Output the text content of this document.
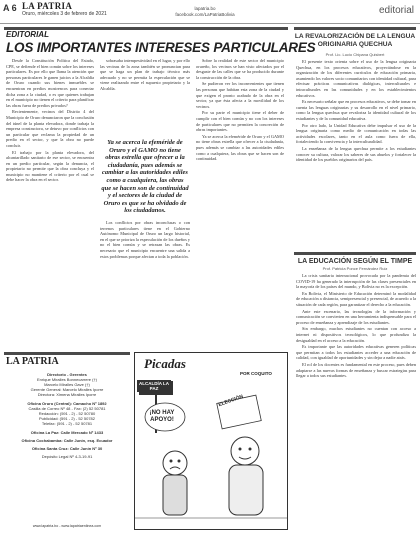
A 6 LA PATRIA
Oruro, miércoles 3 de febrero de 2021
lapatria.bo
facebook.com/LaPatriaBolivia	editorial
EDITORIAL
LOS IMPORTANTES INTERESES PARTICULARES

Desde la Constitución Política del Estado, CPE, se defiende el bien común sobre los intereses particulares. Es por ello que llama la atención que personas particulares le ganen juicios a la Alcaldía de Oruro cuando sus bienes inmuebles se encuentran en predios mostrencos para conectar dicha zona a la ciudad, o es que quienes trabajan en el municipio no tienen el criterio para planificar las obras fuera de predios privados?

Recientemente, vecinos del Distrito 4 del Municipio de Oruro denunciaron que la conclusión del túnel de la planta elevadora, donde trabaja la empresa constructora, se detuvo por conflictos con un particular que reclama la propiedad de un predio en el sector, y que la obra no puede concluir.

El trabajo por la planta elevadora, del alcantarillado sanitario de ese sector, se encuentra en un predio particular, según la denuncia, el propietario no permite que la obra concluya y el municipio no mantiene el criterio por el cual se debe hacer la obra en el sector.

sobrasaba intempestividad en el lugar, y por ello las vecinas de la zona también se pronuncian para que se haga un plan de trabajo técnico más adecuado y no se permita la especulación que se viene realizando entre el supuesto propietario y la Alcaldía.

Ya se acerca la efeméride de Oruro y el GAMO no tiene obras estrella que ofrecer a la ciudadanía, pues además se cambiar a las autoridades ediles como a cualquiera, las obras que se hacen son de continuidad y el sectores de la ciudad de Oruro es que se ha olvidado de los ciudadanos.

Los conflictos por obras inconclusas o con terrenos particulares tiene en el Gobierno Autónomo Municipal de Oruro un largo historial, en el que se prioriza la especulación de los dueños y no el bien común y se retrasan las obras. Es necesario que el municipio encuentre una salida a estos problemas porque afectan a toda la población.

Sobre la realidad de este sector del municipio orureño, los vecinos se han visto afectados por el desgaste de las calles que se ha producido durante la construcción de la obra.

Se pudieron ver los inconvenientes que tienen las personas que habitan esta zona de la ciudad y que exigen el pronto acabado de la obra en el sector, ya que ésta afecta a la movilidad de los vecinos.

Por su parte el municipio tiene el deber de cumplir con el bien común y no con los intereses de particulares que no permiten la concreción de obras importantes.

Ya se acerca la efeméride de Oruro y el GAMO no tiene obras estrella que ofrecer a la ciudadanía, pues además se cambiar a las autoridades ediles como a cualquiera, las obras que se hacen son de continuidad.

LA REVALORIZACIÓN DE LA LENGUA ORIGINARIA QUECHUA
Prof. Lic. Lucio Chipana Quisbert

El presente texto orienta sobre el uso de la lengua originaria Quechua, en los procesos educativos, proyectándose en la organización de los diferentes currículos de educación primaria, asumiendo los valores socio comunitarios con identidad cultural, para efectuar prácticas comunicativas dialógicas, interculturales e intraculturales en las comunidades y en los establecimientos educativos.

Es necesario señalar que en procesos educativos, se debe tomar en cuenta las lenguas originarias y su desarrollo en el nivel primario, como la lengua quechua que revaloriza la identidad cultural de los estudiantes y de la comunidad educativa.

Por otro lado, la Unidad Educativa debe impulsar el uso de la lengua originaria como medio de comunicación en todas las actividades escolares, tanto en el aula como fuera de ella, fortaleciendo la convivencia y la interculturalidad.

La enseñanza de la lengua quechua permite a los estudiantes conocer su cultura, valorar los saberes de sus abuelos y fortalecer la identidad de los pueblos originarios del país.

LA EDUCACIÓN SEGÚN EL TIMPE
Prof. Patricia Ponce Fernández Ruiz

La crisis sanitaria internacional provocada por la pandemia del COVID-19 ha generado la interrupción de las clases presenciales en la mayoría de los países del mundo, y Bolivia no es la excepción.

En Bolivia, el Ministerio de Educación determinó la modalidad de educación a distancia, semipresencial y presencial, de acuerdo a la situación de cada región, para garantizar el derecho a la educación.

Ante este escenario, las tecnologías de la información y comunicación se convierten en una herramienta indispensable para el proceso de enseñanza y aprendizaje de los estudiantes.

Sin embargo, muchos estudiantes no cuentan con acceso a internet ni dispositivos tecnológicos, lo que profundiza la desigualdad en el acceso a la educación.

Es importante que las autoridades educativas generen políticas que permitan a todos los estudiantes acceder a una educación de calidad, con igualdad de oportunidades y sin dejar a nadie atrás.

El rol de los docentes es fundamental en este proceso, pues deben adaptarse a las nuevas formas de enseñanza y buscar estrategias para llegar a todos sus estudiantes.

LA PATRIA
Directorio - Gerentes
Enrique Miralles Bonnecarrere (†)
Marcelo Miralles Gave (†)
Gerente General: Marcelo Miralles Iporre
Directora: Ximena Miralles Iporre
Oficina Oruro (Central): Camacho Nº 1892
Casilla de Correo Nº 48 - Fax: (2) 52 50781
Redacción: (591 - 2) - 52 50780
Publicidad: (591 - 2) - 52 50782
Telefax: (591 - 2) - 52 50781
Oficina La Paz: Calle Mercado Nº 1433
Oficina Cochabamba: Calle Junín, esq. Ecuador
Oficina Santa Cruz: Calle Junín Nº 30
Depósito Legal Nº 4-3-19-91
www.lapatria.bo - www.lapatriaenlinea.com
Picadas
POR COQUITO
ALCALDÍA LA PAZ
¡NO HAY APOYO!
ELECCIÓN
